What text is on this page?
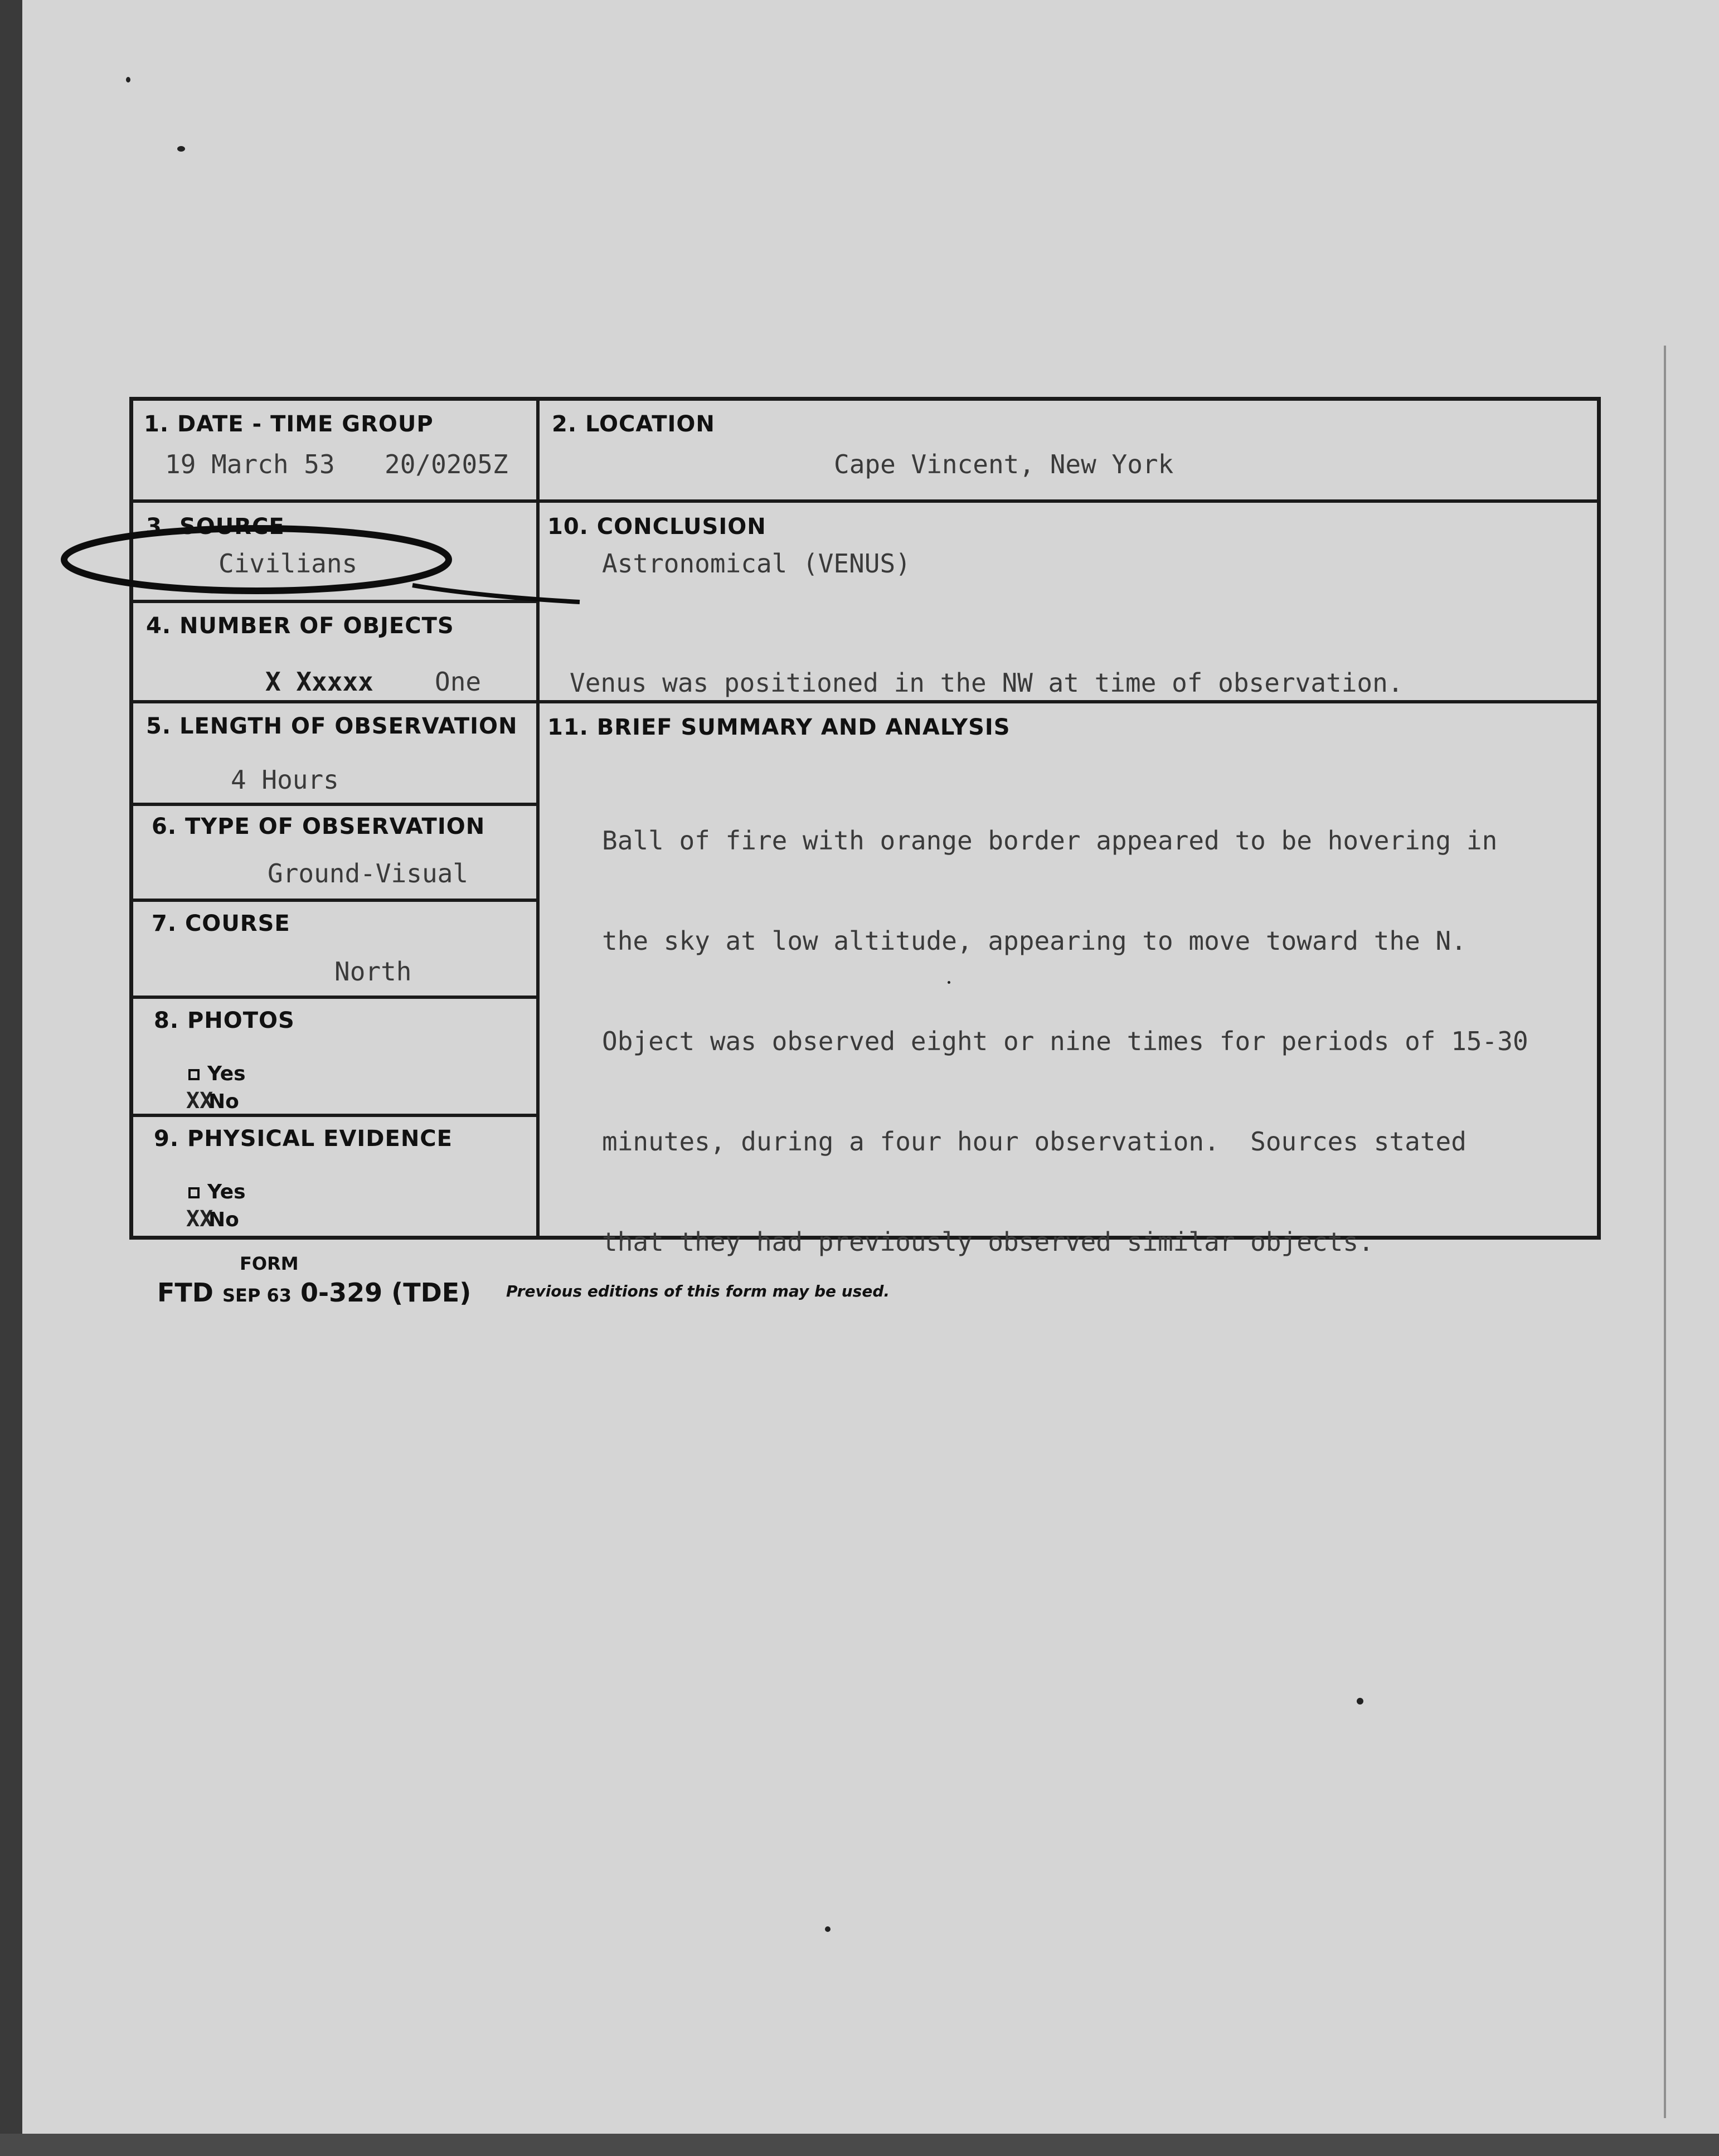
1. DATE - TIME GROUP
19 March 53 20/0205Z
2. LOCATION
Cape Vincent, New York
3. SOURCE
Civilians
10. CONCLUSION
Astronomical (VENUS)
Venus was positioned in the NW at time of observation.
4. NUMBER OF OBJECTS
X Xxxxx One
5. LENGTH OF OBSERVATION
4 Hours
11. BRIEF SUMMARY AND ANALYSIS

Ball of fire with orange border appeared to be hovering in

the sky at low altitude, appearing to move toward the N.

Object was observed eight or nine times for periods of 15-30

minutes, during a four hour observation.  Sources stated

that they had previously observed similar objects.

6. TYPE OF OBSERVATION
Ground-Visual
7. COURSE
North
8. PHOTOS
Yes
XXNo
9. PHYSICAL EVIDENCE
Yes
XXNo
FORM
FTD SEP 63 0-329 (TDE) Previous editions of this form may be used.
